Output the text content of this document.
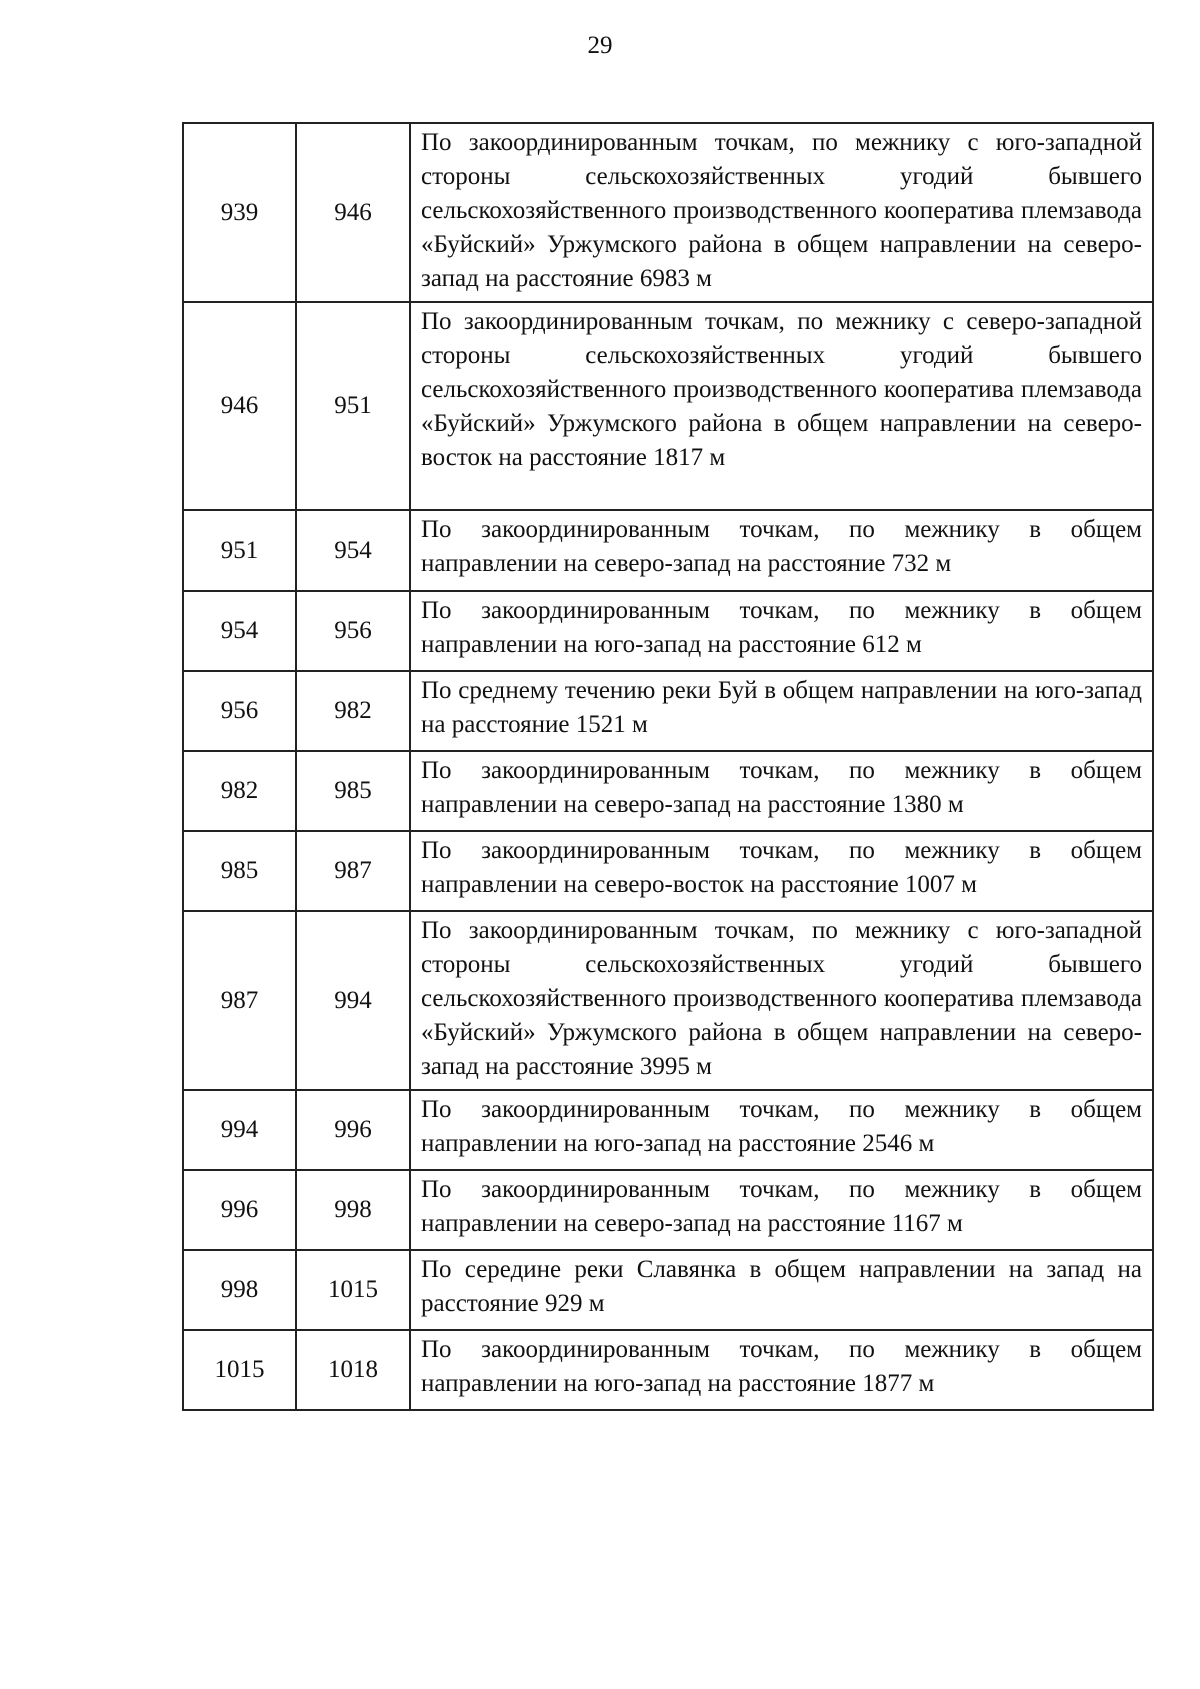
29
939	946	По закоординированным точкам, по межнику с юго-западной стороны сельскохозяйственных угодий бывшего сельскохозяйственного производственного кооператива племзавода «Буйский» Уржумского района в общем направлении на северо-запад на расстояние 6983 м
946	951	По закоординированным точкам, по межнику с северо-западной стороны сельскохозяйственных угодий бывшего сельскохозяйственного производственного кооператива племзавода «Буйский» Уржумского района в общем направлении на северо-восток на расстояние 1817 м
951	954	По закоординированным точкам, по межнику в общем направлении на северо-запад на расстояние 732 м
954	956	По закоординированным точкам, по межнику в общем направлении на юго-запад на расстояние 612 м
956	982	По среднему течению реки Буй в общем направлении на юго-запад на расстояние 1521 м
982	985	По закоординированным точкам, по межнику в общем направлении на северо-запад на расстояние 1380 м
985	987	По закоординированным точкам, по межнику в общем направлении на северо-восток на расстояние 1007 м
987	994	По закоординированным точкам, по межнику с юго-западной стороны сельскохозяйственных угодий бывшего сельскохозяйственного производственного кооператива племзавода «Буйский» Уржумского района в общем направлении на северо-запад на расстояние 3995 м
994	996	По закоординированным точкам, по межнику в общем направлении на юго-запад на расстояние 2546 м
996	998	По закоординированным точкам, по межнику в общем направлении на северо-запад на расстояние 1167 м
998	1015	По середине реки Славянка в общем направлении на запад на расстояние 929 м
1015	1018	По закоординированным точкам, по межнику в общем направлении на юго-запад на расстояние 1877 м
